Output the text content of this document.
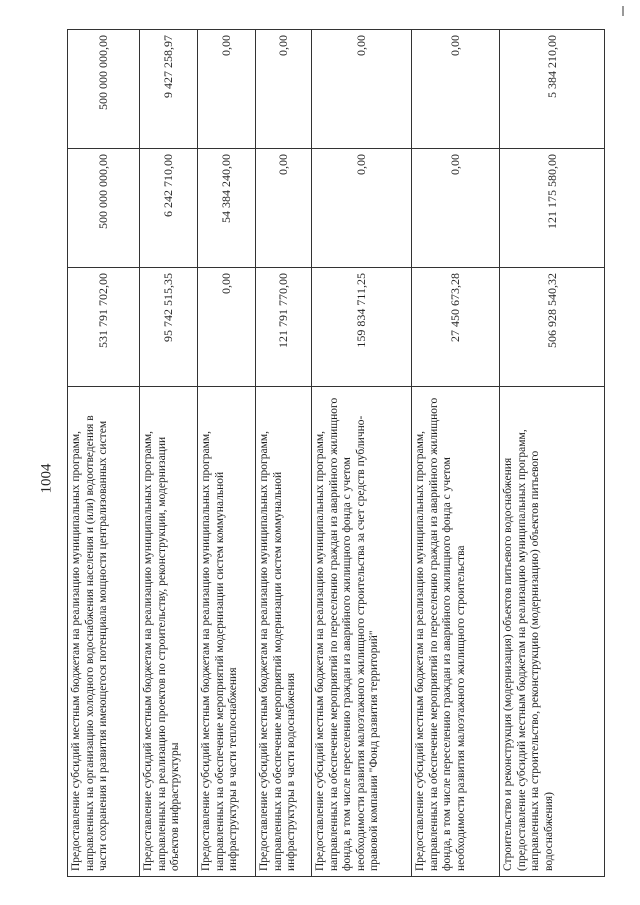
1004 Предоставление субсидий местным бюджетам на реализацию муниципальных программ, направленных на организацию холодного водоснабжения населения и (или) водоотведения в части сохранения и развития имеющегося потенциала мощности централизованных систем	531 791 702,00	500 000 000,00	500 000 000,00
Предоставление субсидий местным бюджетам на реализацию муниципальных программ, направленных на реализацию проектов по строительству, реконструкции, модернизации объектов инфраструктуры	95 742 515,35	6 242 710,00	9 427 258,97
Предоставление субсидий местным бюджетам на реализацию муниципальных программ, направленных на обеспечение мероприятий модернизации систем коммунальной инфраструктуры в части теплоснабжения	0,00	54 384 240,00	0,00
Предоставление субсидий местным бюджетам на реализацию муниципальных программ, направленных на обеспечение мероприятий модернизации систем коммунальной инфраструктуры в части водоснабжения	121 791 770,00	0,00	0,00
Предоставление субсидий местным бюджетам на реализацию муниципальных программ, направленных на обеспечение мероприятий по переселению граждан из аварийного жилищного фонда, в том числе переселению граждан из аварийного жилищного фонда с учетом необходимости развития малоэтажного жилищного строительства за счет средств публично-правовой компании "Фонд развития территорий"	159 834 711,25	0,00	0,00
Предоставление субсидий местным бюджетам на реализацию муниципальных программ, направленных на обеспечение мероприятий по переселению граждан из аварийного жилищного фонда, в том числе переселению граждан из аварийного жилищного фонда с учетом необходимости развития малоэтажного жилищного строительства	27 450 673,28	0,00	0,00
Строительство и реконструкция (модернизация) объектов питьевого водоснабжения (предоставление субсидий местным бюджетам на реализацию муниципальных программ, направленных на строительство, реконструкцию (модернизацию) объектов питьевого водоснабжения)	506 928 540,32	121 175 580,00	5 384 210,00
